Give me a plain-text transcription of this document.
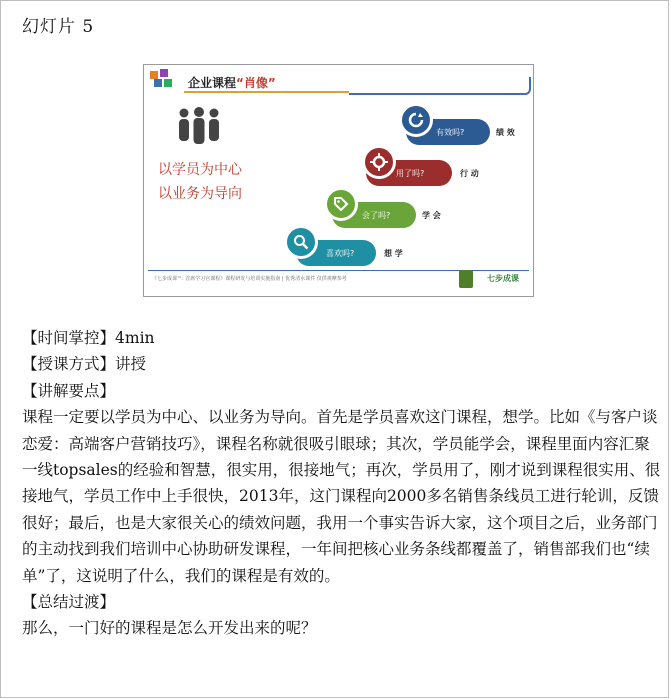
幻灯片 5
企业课程“肖像”
以学员为中心
以业务为导向
有效吗?	绩 效
用了吗?	行 动
会了吗?	学 会
喜欢吗?	想 学
《七步成课™: 首席学习官课程》课程研发与培训实施指南 | 优秀清水课件 仅供观摩参考	七步成课

【时间掌控】4min

【授课方式】讲授

【讲解要点】

课程一定要以学员为中心、以业务为导向。首先是学员喜欢这门课程，想学。比如《与客户谈恋爱：高端客户营销技巧》，课程名称就很吸引眼球；其次，学员能学会，课程里面内容汇聚一线topsales的经验和智慧，很实用，很接地气；再次，学员用了，刚才说到课程很实用、很接地气，学员工作中上手很快，2013年，这门课程向2000多名销售条线员工进行轮训，反馈很好；最后，也是大家很关心的绩效问题，我用一个事实告诉大家，这个项目之后，业务部门的主动找到我们培训中心协助研发课程，一年间把核心业务条线都覆盖了，销售部我们也“续单”了，这说明了什么，我们的课程是有效的。

【总结过渡】

那么，一门好的课程是怎么开发出来的呢？
